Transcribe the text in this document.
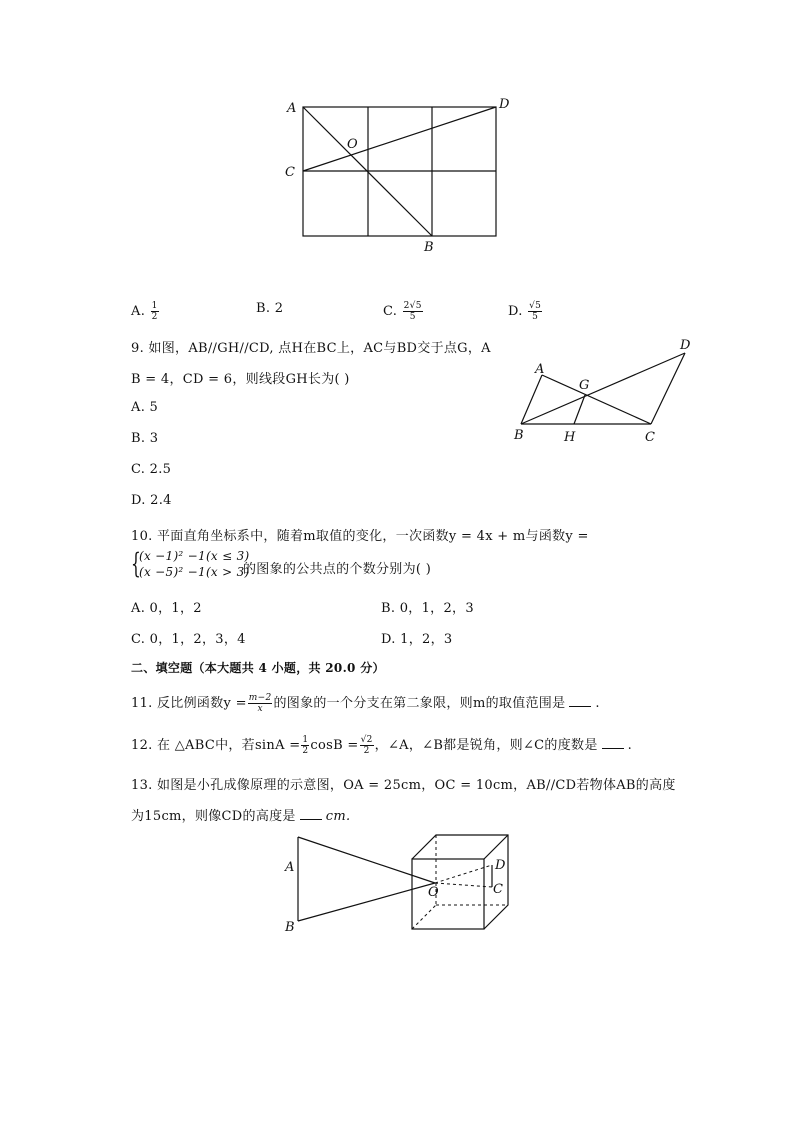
A	D
O
C
B
A. $\frac{1}{2}$	B. 2	C. $\frac{2√5}{5}$	D. $\frac{√5}{5}$
9. 如图，AB//GH//CD, 点H在BC上，AC与BD交于点G，A
B = 4，CD = 6，则线段GH长为( )
A. 5
B. 3
C. 2.5
D. 2.4
A
G
D
B	H	C
10. 平面直角坐标系中，随着m取值的变化，一次函数y = 4x + m与函数y =
{
(x −1)² −1(x ≤ 3)
(x −5)² −1(x > 3)
的图象的公共点的个数分别为( )
A. 0，1，2	B. 0，1，2，3
C. 0，1，2，3，4	D. 1，2，3
二、填空题（本大题共 4 小题，共 20.0 分）
11. 反比例函数$y = \frac{m-2}{x}$ 的图象的一个分支在第二象限，则m的取值范围是 .
12. 在 △ABC中，若$\sin A = \frac{1}{2}$ $\cos B = \frac{√2}{2}$ ，∠A，∠B都是锐角，则∠C的度数是 .
13. 如图是小孔成像原理的示意图，OA = 25cm，OC = 10cm，AB//CD若物体AB的高度
为15cm，则像CD的高度是 cm.
A
B
O
D
C
